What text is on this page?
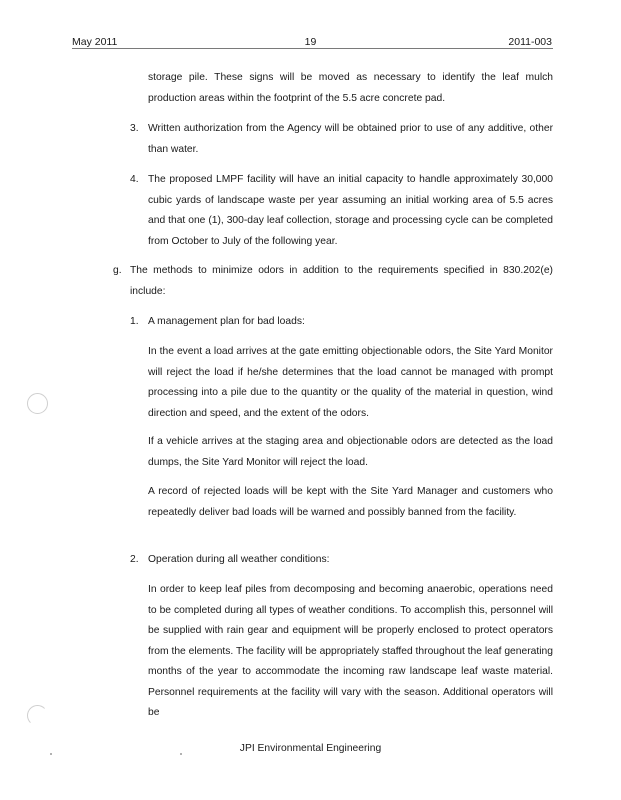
May 2011	19	2011-003

storage pile. These signs will be moved as necessary to identify the leaf mulch production areas within the footprint of the 5.5 acre concrete pad.

3. Written authorization from the Agency will be obtained prior to use of any additive, other than water.

4. The proposed LMPF facility will have an initial capacity to handle approximately 30,000 cubic yards of landscape waste per year assuming an initial working area of 5.5 acres and that one (1), 300-day leaf collection, storage and processing cycle can be completed from October to July of the following year.

g. The methods to minimize odors in addition to the requirements specified in 830.202(e) include:

1. A management plan for bad loads:

In the event a load arrives at the gate emitting objectionable odors, the Site Yard Monitor will reject the load if he/she determines that the load cannot be managed with prompt processing into a pile due to the quantity or the quality of the material in question, wind direction and speed, and the extent of the odors.

If a vehicle arrives at the staging area and objectionable odors are detected as the load dumps, the Site Yard Monitor will reject the load.

A record of rejected loads will be kept with the Site Yard Manager and customers who repeatedly deliver bad loads will be warned and possibly banned from the facility.

2. Operation during all weather conditions:

In order to keep leaf piles from decomposing and becoming anaerobic, operations need to be completed during all types of weather conditions. To accomplish this, personnel will be supplied with rain gear and equipment will be properly enclosed to protect operators from the elements. The facility will be appropriately staffed throughout the leaf generating months of the year to accommodate the incoming raw landscape leaf waste material. Personnel requirements at the facility will vary with the season. Additional operators will be

JPI Environmental Engineering
